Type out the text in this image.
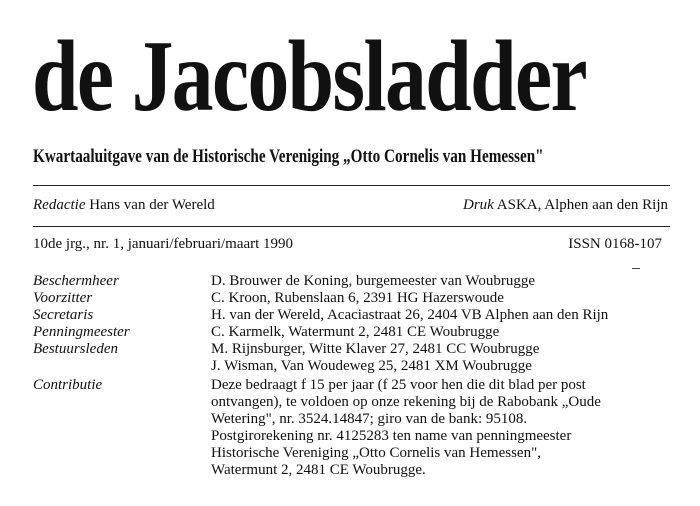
de Jacobsladder
Kwartaaluitgave van de Historische Vereniging „Otto Cornelis van Hemessen"
Redactie Hans van der Wereld	Druk ASKA, Alphen aan den Rijn
10de jrg., nr. 1, januari/februari/maart 1990	ISSN 0168-107
Beschermheer	D. Brouwer de Koning, burgemeester van Woubrugge
Voorzitter	C. Kroon, Rubenslaan 6, 2391 HG Hazerswoude
Secretaris	H. van der Wereld, Acaciastraat 26, 2404 VB Alphen aan den Rijn
Penningmeester	C. Karmelk, Watermunt 2, 2481 CE Woubrugge
Bestuursleden	M. Rijnsburger, Witte Klaver 27, 2481 CC Woubrugge
J. Wisman, Van Woudeweg 25, 2481 XM Woubrugge
Contributie	Deze bedraagt f 15 per jaar (f 25 voor hen die dit blad per post
ontvangen), te voldoen op onze rekening bij de Rabobank „Oude
Wetering", nr. 3524.14847; giro van de bank: 95108.
Postgirorekening nr. 4125283 ten name van penningmeester
Historische Vereniging „Otto Cornelis van Hemessen",
Watermunt 2, 2481 CE Woubrugge.
